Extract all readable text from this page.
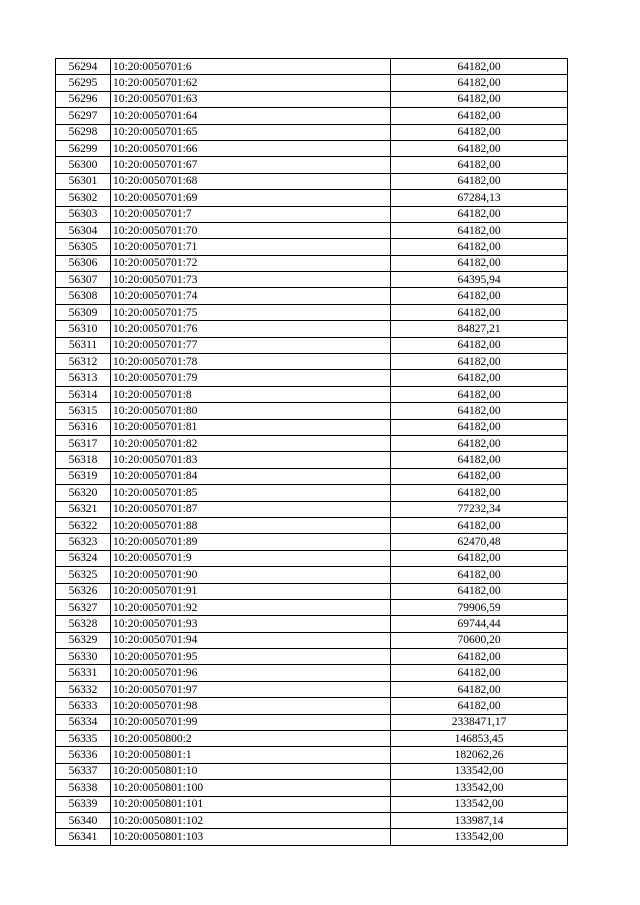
56294	10:20:0050701:6	64182,00
56295	10:20:0050701:62	64182,00
56296	10:20:0050701:63	64182,00
56297	10:20:0050701:64	64182,00
56298	10:20:0050701:65	64182,00
56299	10:20:0050701:66	64182,00
56300	10:20:0050701:67	64182,00
56301	10:20:0050701:68	64182,00
56302	10:20:0050701:69	67284,13
56303	10:20:0050701:7	64182,00
56304	10:20:0050701:70	64182,00
56305	10:20:0050701:71	64182,00
56306	10:20:0050701:72	64182,00
56307	10:20:0050701:73	64395,94
56308	10:20:0050701:74	64182,00
56309	10:20:0050701:75	64182,00
56310	10:20:0050701:76	84827,21
56311	10:20:0050701:77	64182,00
56312	10:20:0050701:78	64182,00
56313	10:20:0050701:79	64182,00
56314	10:20:0050701:8	64182,00
56315	10:20:0050701:80	64182,00
56316	10:20:0050701:81	64182,00
56317	10:20:0050701:82	64182,00
56318	10:20:0050701:83	64182,00
56319	10:20:0050701:84	64182,00
56320	10:20:0050701:85	64182,00
56321	10:20:0050701:87	77232,34
56322	10:20:0050701:88	64182,00
56323	10:20:0050701:89	62470,48
56324	10:20:0050701:9	64182,00
56325	10:20:0050701:90	64182,00
56326	10:20:0050701:91	64182,00
56327	10:20:0050701:92	79906,59
56328	10:20:0050701:93	69744,44
56329	10:20:0050701:94	70600,20
56330	10:20:0050701:95	64182,00
56331	10:20:0050701:96	64182,00
56332	10:20:0050701:97	64182,00
56333	10:20:0050701:98	64182,00
56334	10:20:0050701:99	2338471,17
56335	10:20:0050800:2	146853,45
56336	10:20:0050801:1	182062,26
56337	10:20:0050801:10	133542,00
56338	10:20:0050801:100	133542,00
56339	10:20:0050801:101	133542,00
56340	10:20:0050801:102	133987,14
56341	10:20:0050801:103	133542,00
